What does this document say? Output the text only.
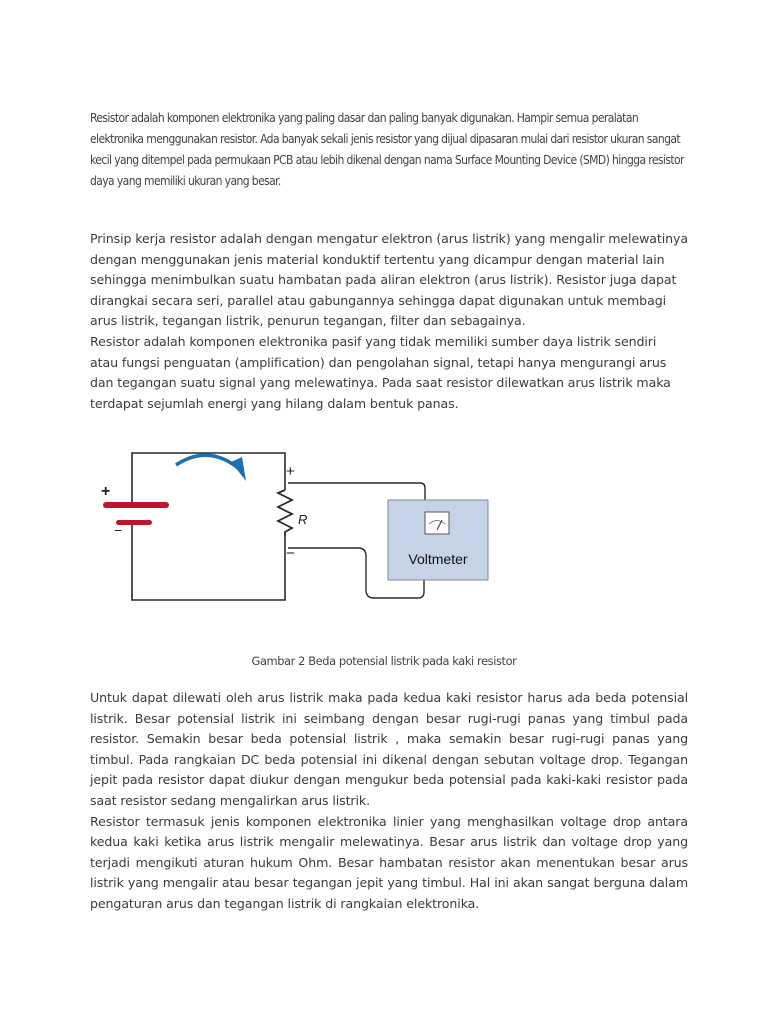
Resistor adalah komponen elektronika yang paling dasar dan paling banyak digunakan. Hampir semua peralatan elektronika menggunakan resistor. Ada banyak sekali jenis resistor yang dijual dipasaran mulai dari resistor ukuran sangat kecil yang ditempel pada permukaan PCB atau lebih dikenal dengan nama Surface Mounting Device (SMD) hingga resistor daya yang memiliki ukuran yang besar.

Prinsip kerja resistor adalah dengan mengatur elektron (arus listrik) yang mengalir melewatinya dengan menggunakan jenis material konduktif tertentu yang dicampur dengan material lain sehingga menimbulkan suatu hambatan pada aliran elektron (arus listrik). Resistor juga dapat dirangkai secara seri, parallel atau gabungannya sehingga dapat digunakan untuk membagi arus listrik, tegangan listrik, penurun tegangan, filter dan sebagainya.
Resistor adalah komponen elektronika pasif yang tidak memiliki sumber daya listrik sendiri atau fungsi penguatan (amplification) dan pengolahan signal, tetapi hanya mengurangi arus dan tegangan suatu signal yang melewatinya. Pada saat resistor dilewatkan arus listrik maka terdapat sejumlah energi yang hilang dalam bentuk panas.
+
−
R
+
−	Voltmeter
Gambar 2 Beda potensial listrik pada kaki resistor
Untuk dapat dilewati oleh arus listrik maka pada kedua kaki resistor harus ada beda potensial listrik. Besar potensial listrik ini seimbang dengan besar rugi-rugi panas yang timbul pada resistor. Semakin besar beda potensial listrik , maka semakin besar rugi-rugi panas yang timbul. Pada rangkaian DC beda potensial ini dikenal dengan sebutan voltage drop. Tegangan jepit pada resistor dapat diukur dengan mengukur beda potensial pada kaki-kaki resistor pada saat resistor sedang mengalirkan arus listrik.
Resistor termasuk jenis komponen elektronika linier yang menghasilkan voltage drop antara kedua kaki ketika arus listrik mengalir melewatinya. Besar arus listrik dan voltage drop yang terjadi mengikuti aturan hukum Ohm. Besar hambatan resistor akan menentukan besar arus listrik yang mengalir atau besar tegangan jepit yang timbul. Hal ini akan sangat berguna dalam pengaturan arus dan tegangan listrik di rangkaian elektronika.
